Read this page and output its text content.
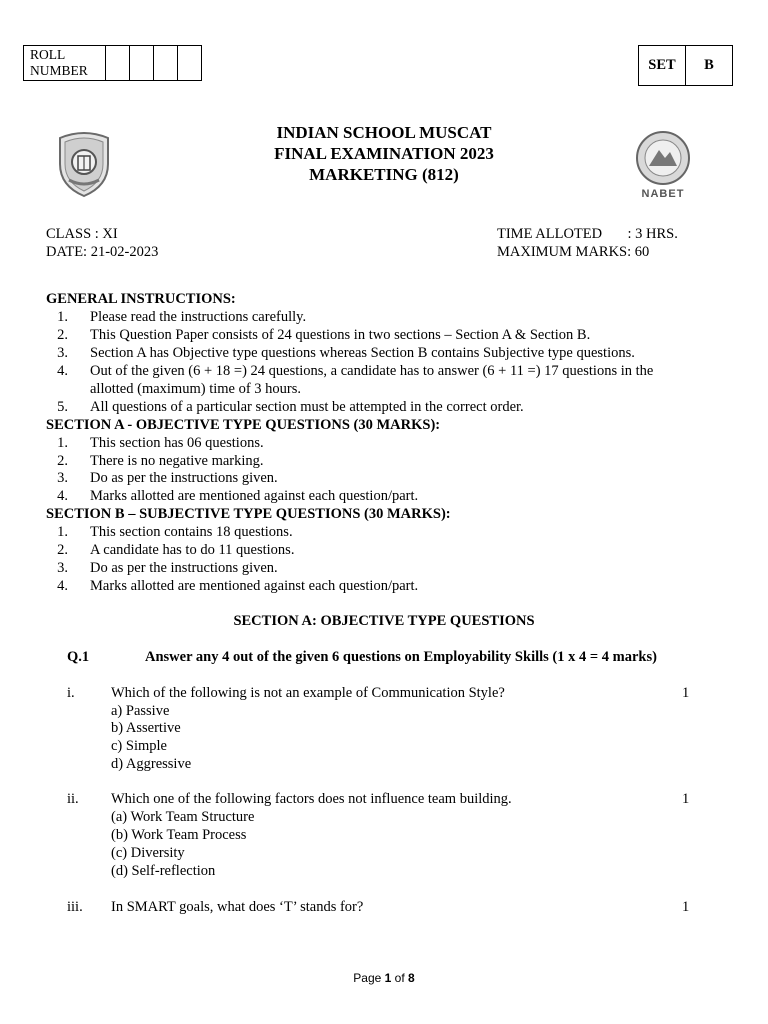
ROLL
NUMBER					SET	B
INDIAN SCHOOL MUSCAT
FINAL EXAMINATION 2023
MARKETING (812)
NABET
CLASS : XI
DATE: 21-02-2023
TIME ALLOTED       : 3 HRS.
MAXIMUM MARKS: 60
GENERAL INSTRUCTIONS:
1. Please read the instructions carefully.
2. This Question Paper consists of 24 questions in two sections – Section A & Section B.
3. Section A has Objective type questions whereas Section B contains Subjective type questions.
4. Out of the given (6 + 18 =) 24 questions, a candidate has to answer (6 + 11 =) 17 questions in the
allotted (maximum) time of 3 hours.
5. All questions of a particular section must be attempted in the correct order.
SECTION A - OBJECTIVE TYPE QUESTIONS (30 MARKS):
1. This section has 06 questions.
2. There is no negative marking.
3. Do as per the instructions given.
4. Marks allotted are mentioned against each question/part.
SECTION B – SUBJECTIVE TYPE QUESTIONS (30 MARKS):
1. This section contains 18 questions.
2. A candidate has to do 11 questions.
3. Do as per the instructions given.
4. Marks allotted are mentioned against each question/part.
SECTION A: OBJECTIVE TYPE QUESTIONS
Q.1	Answer any 4 out of the given 6 questions on Employability Skills (1 x 4 = 4 marks)
i.	Which of the following is not an example of Communication Style?	1
a) Passive
b) Assertive
c) Simple
d) Aggressive
ii. Which one of the following factors does not influence team building.	1
(a) Work Team Structure
(b) Work Team Process
(c) Diversity
(d) Self-reflection
iii. In SMART goals, what does ‘T’ stands for?	1
Page 1 of 8
